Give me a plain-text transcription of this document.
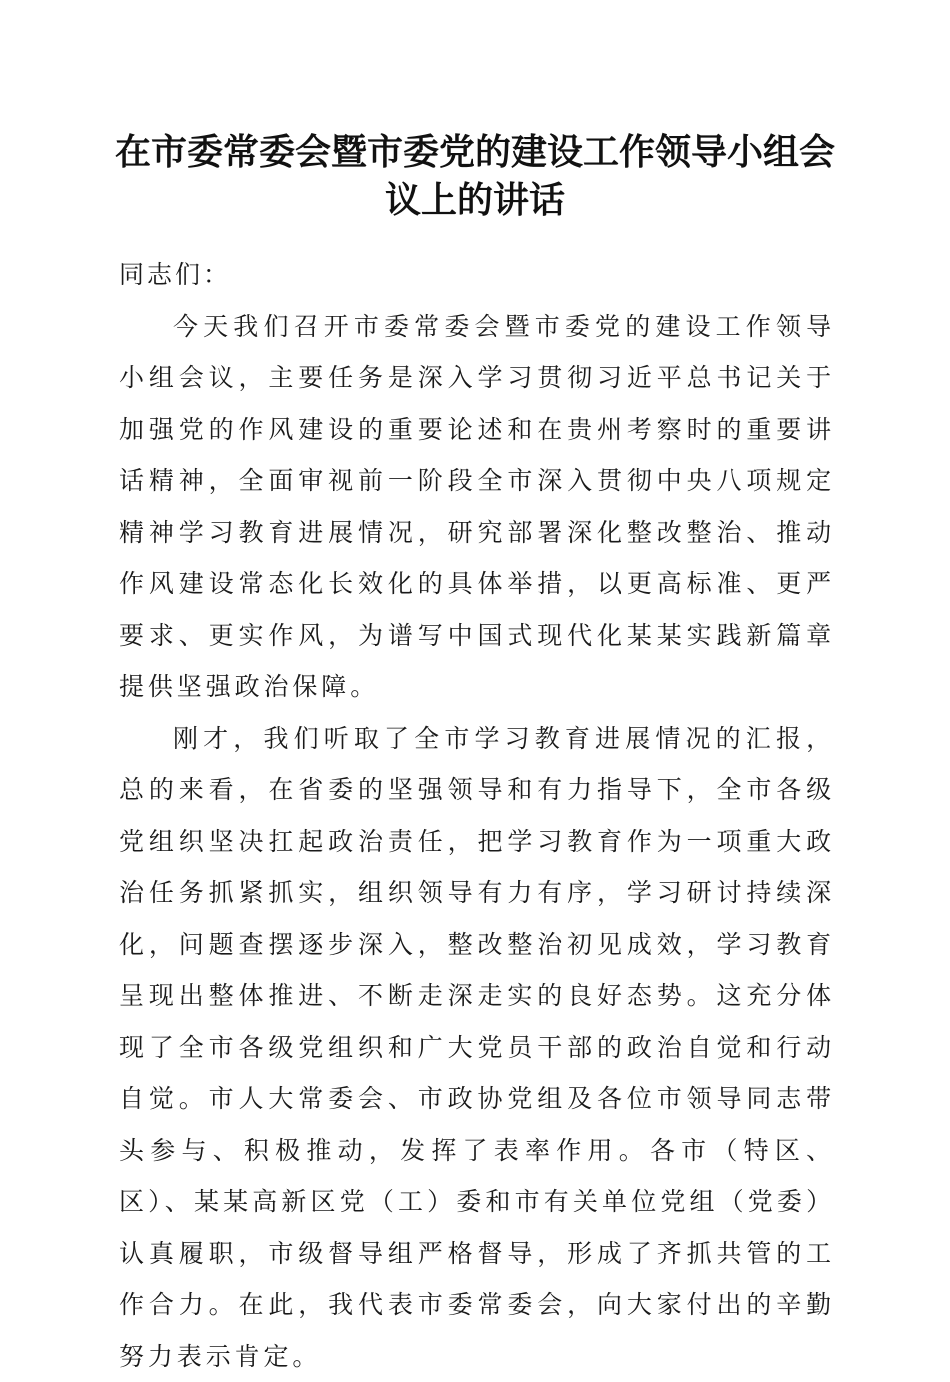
在市委常委会暨市委党的建设工作领导小组会
议上的讲话

同志们：

今天我们召开市委常委会暨市委党的建设工作领导小组会议，主要任务是深入学习贯彻习近平总书记关于加强党的作风建设的重要论述和在贵州考察时的重要讲话精神，全面审视前一阶段全市深入贯彻中央八项规定精神学习教育进展情况，研究部署深化整改整治、推动作风建设常态化长效化的具体举措，以更高标准、更严要求、更实作风，为谱写中国式现代化某某实践新篇章提供坚强政治保障。

刚才，我们听取了全市学习教育进展情况的汇报，总的来看，在省委的坚强领导和有力指导下，全市各级党组织坚决扛起政治责任，把学习教育作为一项重大政治任务抓紧抓实，组织领导有力有序，学习研讨持续深化，问题查摆逐步深入，整改整治初见成效，学习教育呈现出整体推进、不断走深走实的良好态势。这充分体现了全市各级党组织和广大党员干部的政治自觉和行动自觉。市人大常委会、市政协党组及各位市领导同志带头参与、积极推动，发挥了表率作用。各市（特区、区）、某某高新区党（工）委和市有关单位党组（党委）认真履职，市级督导组严格督导，形成了齐抓共管的工作合力。在此，我代表市委常委会，向大家付出的辛勤努力表示肯定。
